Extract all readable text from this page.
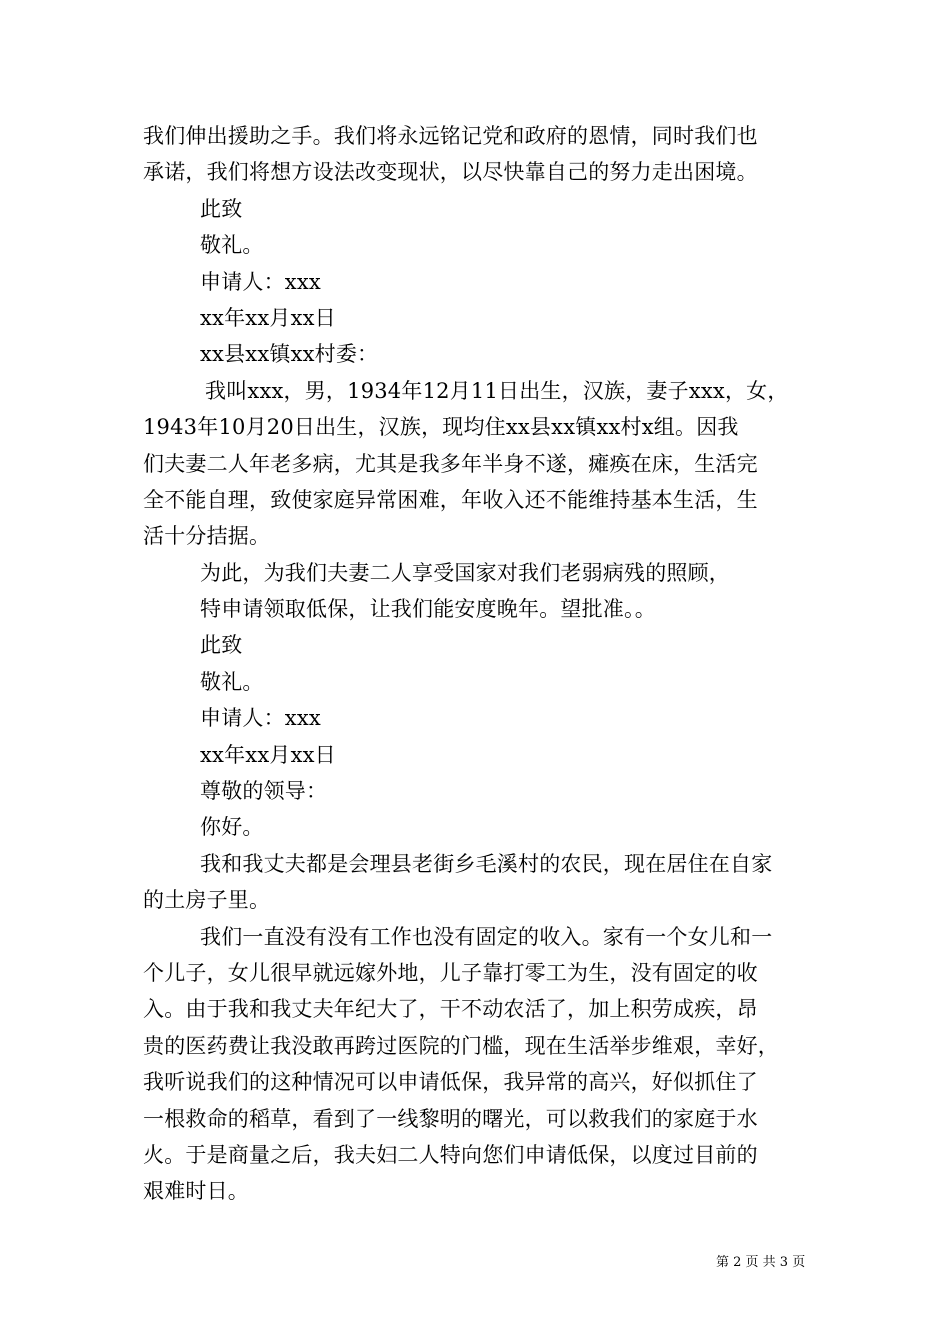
我们伸出援助之手。我们将永远铭记党和政府的恩情，同时我们也
承诺，我们将想方设法改变现状，以尽快靠自己的努力走出困境。
此致
敬礼。
申请人：xxx
xx年xx月xx日
xx县xx镇xx村委：
我叫xxx，男，1934年12月11日出生，汉族，妻子xxx，女，
1943年10月20日出生，汉族，现均住xx县xx镇xx村x组。因我
们夫妻二人年老多病，尤其是我多年半身不遂，瘫痪在床，生活完
全不能自理，致使家庭异常困难，年收入还不能维持基本生活，生
活十分拮据。
为此，为我们夫妻二人享受国家对我们老弱病残的照顾，
特申请领取低保，让我们能安度晚年。望批准。。
此致
敬礼。
申请人：xxx
xx年xx月xx日
尊敬的领导：
你好。
我和我丈夫都是会理县老街乡毛溪村的农民，现在居住在自家
的土房子里。
我们一直没有没有工作也没有固定的收入。家有一个女儿和一
个儿子，女儿很早就远嫁外地，儿子靠打零工为生，没有固定的收
入。由于我和我丈夫年纪大了，干不动农活了，加上积劳成疾，昂
贵的医药费让我没敢再跨过医院的门槛，现在生活举步维艰，幸好，
我听说我们的这种情况可以申请低保，我异常的高兴，好似抓住了
一根救命的稻草，看到了一线黎明的曙光，可以救我们的家庭于水
火。于是商量之后，我夫妇二人特向您们申请低保，以度过目前的
艰难时日。
第 2 页 共 3 页
